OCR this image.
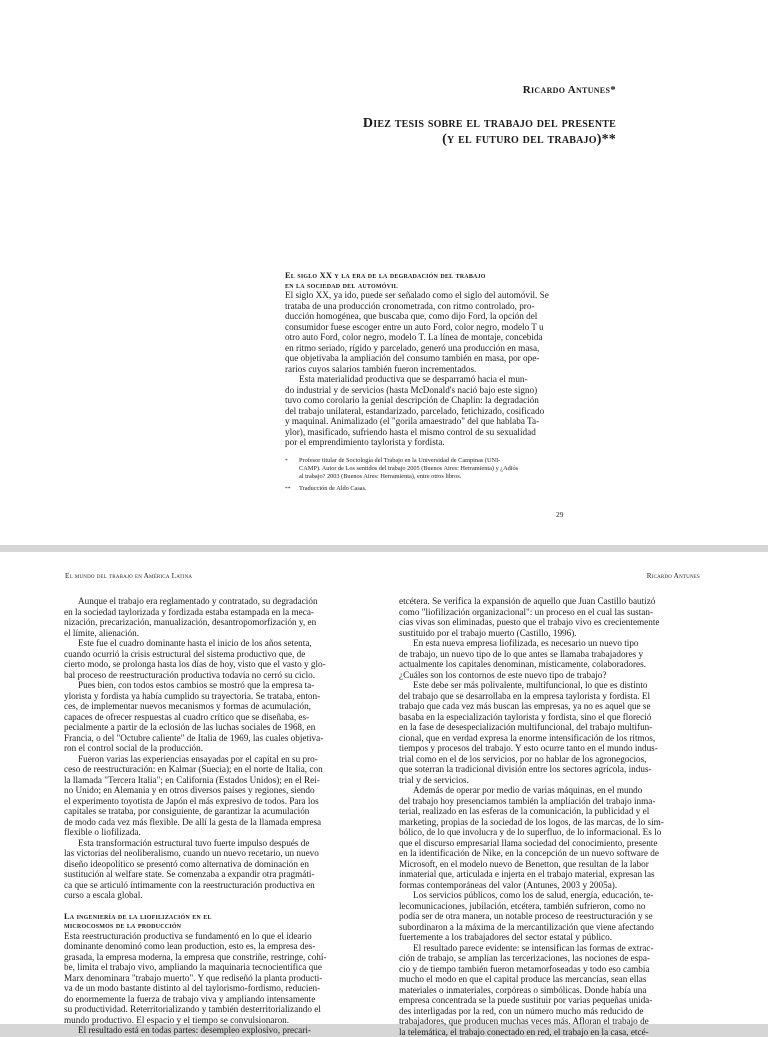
Ricardo Antunes*
Diez tesis sobre el trabajo del presente
(y el futuro del trabajo)**
El siglo XX y la era de la degradación del trabajo
en la sociedad del automóvil

El siglo XX, ya ido, puede ser señalado como el siglo del automóvil. Se
trataba de una producción cronometrada, con ritmo controlado, pro-
ducción homogénea, que buscaba que, como dijo Ford, la opción del
consumidor fuese escoger entre un auto Ford, color negro, modelo T u
otro auto Ford, color negro, modelo T. La línea de montaje, concebida
en ritmo seriado, rígido y parcelado, generó una producción en masa,
que objetivaba la ampliación del consumo también en masa, por ope-
rarios cuyos salarios también fueron incrementados.

Esta materialidad productiva que se desparramó hacia el mun-
do industrial y de servicios (hasta McDonald's nació bajo este signo)
tuvo como corolario la genial descripción de Chaplin: la degradación
del trabajo unilateral, estandarizado, parcelado, fetichizado, cosificado
y maquinal. Animalizado (el "gorila amaestrado" del que hablaba Ta-
ylor), masificado, sufriendo hasta el mismo control de su sexualidad
por el emprendimiento taylorista y fordista.

*	Profesor titular de Sociología del Trabajo en la Universidad de Campinas (UNI-
CAMP). Autor de Los sentidos del trabajo 2005 (Buenos Aires: Herramienta) y ¿Adiós
al trabajo? 2003 (Buenos Aires: Herramienta), entre otros libros.
**	Traducción de Aldo Casas.
29
El mundo del trabajo en América Latina	Ricardo Antunes

Aunque el trabajo era reglamentado y contratado, su degradación
en la sociedad taylorizada y fordizada estaba estampada en la meca-
nización, precarización, manualización, desantropomorfización y, en
el límite, alienación.

Este fue el cuadro dominante hasta el inicio de los años setenta,
cuando ocurrió la crisis estructural del sistema productivo que, de
cierto modo, se prolonga hasta los días de hoy, visto que el vasto y glo-
bal proceso de reestructuración productiva todavía no cerró su ciclo.

Pues bien, con todos estos cambios se mostró que la empresa ta-
ylorista y fordista ya había cumplido su trayectoria. Se trataba, enton-
ces, de implementar nuevos mecanismos y formas de acumulación,
capaces de ofrecer respuestas al cuadro crítico que se diseñaba, es-
pecialmente a partir de la eclosión de las luchas sociales de 1968, en
Francia, o del "Octubre caliente" de Italia de 1969, las cuales objetiva-
ron el control social de la producción.

Fueron varias las experiencias ensayadas por el capital en su pro-
ceso de reestructuración: en Kalmar (Suecia); en el norte de Italia, con
la llamada "Tercera Italia"; en California (Estados Unidos); en el Rei-
no Unido; en Alemania y en otros diversos países y regiones, siendo
el experimento toyotista de Japón el más expresivo de todos. Para los
capitales se trataba, por consiguiente, de garantizar la acumulación
de modo cada vez más flexible. De allí la gesta de la llamada empresa
flexible o liofilizada.

Esta transformación estructural tuvo fuerte impulso después de
las victorias del neoliberalismo, cuando un nuevo recetario, un nuevo
diseño ideopolítico se presentó como alternativa de dominación en
sustitución al welfare state. Se comenzaba a expandir otra pragmáti-
ca que se articuló íntimamente con la reestructuración productiva en
curso a escala global.

La ingeniería de la liofilización en el
microcosmos de la producción

Esta reestructuración productiva se fundamentó en lo que el ideario
dominante denominó como lean production, esto es, la empresa des-
grasada, la empresa moderna, la empresa que constriñe, restringe, cohí-
be, limita el trabajo vivo, ampliando la maquinaria tecnocientífica que
Marx denominara "trabajo muerto". Y que rediseñó la planta producti-
va de un modo bastante distinto al del taylorismo-fordismo, reducien-
do enormemente la fuerza de trabajo viva y ampliando intensamente
su productividad. Reterritorializando y también desterritorializando el
mundo productivo. El espacio y el tiempo se convulsionaron.

El resultado está en todas partes: desempleo explosivo, precari-

etcétera. Se verifica la expansión de aquello que Juan Castillo bautizó
como "liofilización organizacional": un proceso en el cual las sustan-
cias vivas son eliminadas, puesto que el trabajo vivo es crecientemente
sustituido por el trabajo muerto (Castillo, 1996).

En esta nueva empresa liofilizada, es necesario un nuevo tipo
de trabajo, un nuevo tipo de lo que antes se llamaba trabajadores y
actualmente los capitales denominan, místicamente, colaboradores.
¿Cuáles son los contornos de este nuevo tipo de trabajo?

Este debe ser más polivalente, multifuncional, lo que es distinto
del trabajo que se desarrollaba en la empresa taylorista y fordista. El
trabajo que cada vez más buscan las empresas, ya no es aquel que se
basaba en la especialización taylorista y fordista, sino el que floreció
en la fase de desespecialización multifuncional, del trabajo multifun-
cional, que en verdad expresa la enorme intensificación de los ritmos,
tiempos y procesos del trabajo. Y esto ocurre tanto en el mundo indus-
trial como en el de los servicios, por no hablar de los agronegocios,
que soterran la tradicional división entre los sectores agrícola, indus-
trial y de servicios.

Además de operar por medio de varias máquinas, en el mundo
del trabajo hoy presenciamos también la ampliación del trabajo inma-
terial, realizado en las esferas de la comunicación, la publicidad y el
marketing, propias de la sociedad de los logos, de las marcas, de lo sim-
bólico, de lo que involucra y de lo superfluo, de lo informacional. Es lo
que el discurso empresarial llama sociedad del conocimiento, presente
en la identificación de Nike, en la concepción de un nuevo software de
Microsoft, en el modelo nuevo de Benetton, que resultan de la labor
inmaterial que, articulada e injerta en el trabajo material, expresan las
formas contemporáneas del valor (Antunes, 2003 y 2005a).

Los servicios públicos, como los de salud, energía, educación, te-
lecomunicaciones, jubilación, etcétera, también sufrieron, como no
podía ser de otra manera, un notable proceso de reestructuración y se
subordinaron a la máxima de la mercantilización que viene afectando
fuertemente a los trabajadores del sector estatal y público.

El resultado parece evidente: se intensifican las formas de extrac-
ción de trabajo, se amplían las tercerizaciones, las nociones de espa-
cio y de tiempo también fueron metamorfoseadas y todo eso cambia
mucho el modo en que el capital produce las mercancías, sean ellas
materiales o inmateriales, corpóreas o simbólicas. Donde había una
empresa concentrada se la puede sustituir por varias pequeñas unida-
des interligadas por la red, con un número mucho más reducido de
trabajadores, que producen muchas veces más. Afloran el trabajo de
la telemática, el trabajo conectado en red, el trabajo en la casa, etcé-
